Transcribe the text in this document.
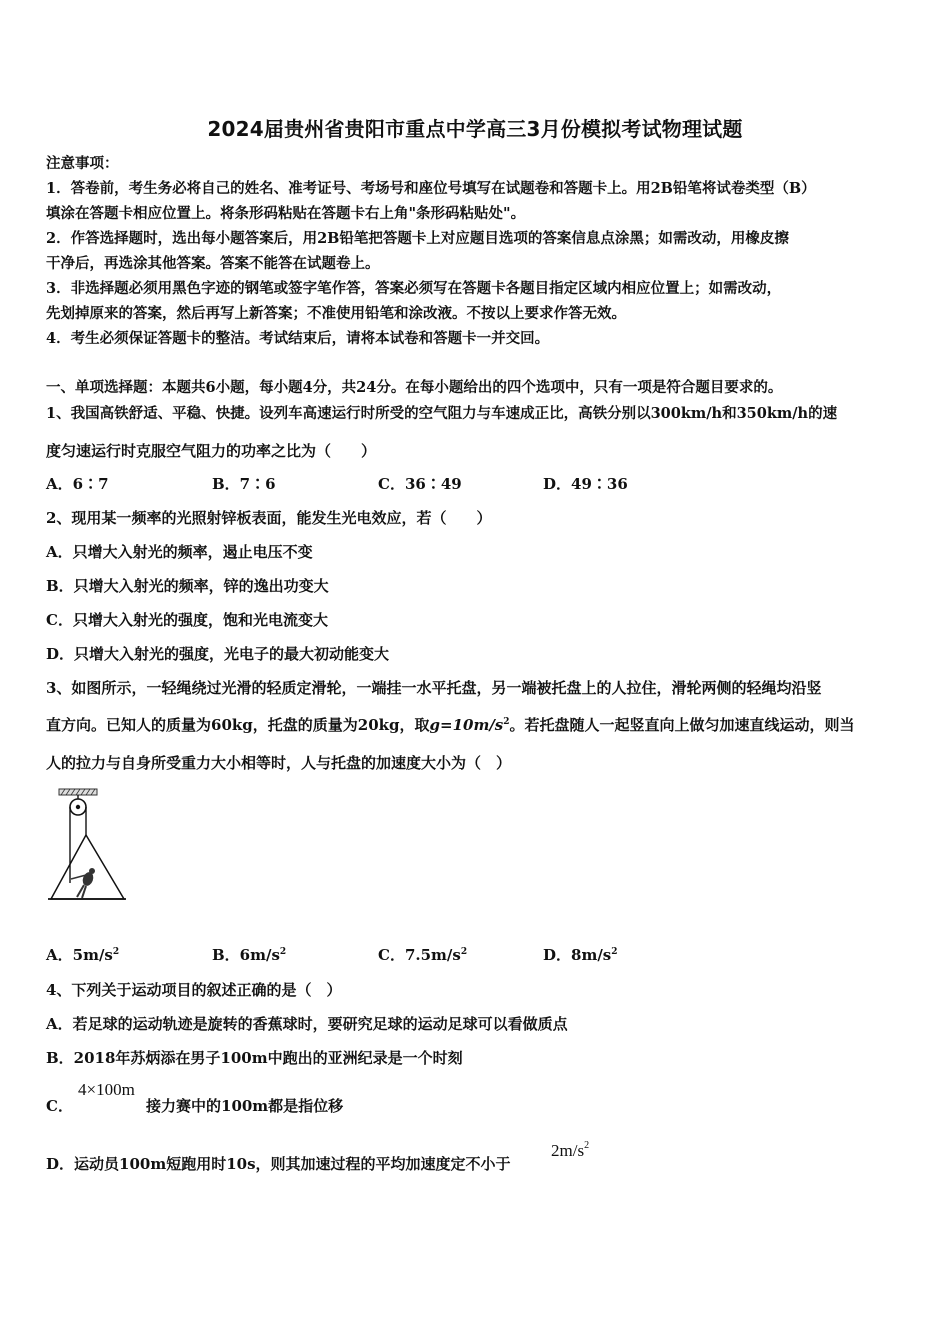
2024届贵州省贵阳市重点中学高三3月份模拟考试物理试题
注意事项：
1．答卷前，考生务必将自己的姓名、准考证号、考场号和座位号填写在试题卷和答题卡上。用2B铅笔将试卷类型（B）
填涂在答题卡相应位置上。将条形码粘贴在答题卡右上角"条形码粘贴处"。
2．作答选择题时，选出每小题答案后，用2B铅笔把答题卡上对应题目选项的答案信息点涂黑；如需改动，用橡皮擦
干净后，再选涂其他答案。答案不能答在试题卷上。
3．非选择题必须用黑色字迹的钢笔或签字笔作答，答案必须写在答题卡各题目指定区域内相应位置上；如需改动，
先划掉原来的答案，然后再写上新答案；不准使用铅笔和涂改液。不按以上要求作答无效。
4．考生必须保证答题卡的整洁。考试结束后，请将本试卷和答题卡一并交回。
一、单项选择题：本题共6小题，每小题4分，共24分。在每小题给出的四个选项中，只有一项是符合题目要求的。
1、我国高铁舒适、平稳、快捷。设列车高速运行时所受的空气阻力与车速成正比，高铁分别以300km/h和350km/h的速
度匀速运行时克服空气阻力的功率之比为（　　）
A．6∶7	B．7∶6	C．36∶49	D．49∶36
2、现用某一频率的光照射锌板表面，能发生光电效应，若（　　）
A．只增大入射光的频率，遏止电压不变
B．只增大入射光的频率，锌的逸出功变大
C．只增大入射光的强度，饱和光电流变大
D．只增大入射光的强度，光电子的最大初动能变大
3、如图所示，一轻绳绕过光滑的轻质定滑轮，一端挂一水平托盘，另一端被托盘上的人拉住，滑轮两侧的轻绳均沿竖
直方向。已知人的质量为60kg，托盘的质量为20kg，取$g=10m/s^2$。若托盘随人一起竖直向上做匀加速直线运动，则当
人的拉力与自身所受重力大小相等时，人与托盘的加速度大小为（　）
A．$5m/s^2$	B．$6m/s^2$	C．$7.5m/s^2$	D．$8m/s^2$
4、下列关于运动项目的叙述正确的是（　）
A．若足球的运动轨迹是旋转的香蕉球时，要研究足球的运动足球可以看做质点
B．2018年苏炳添在男子100m中跑出的亚洲纪录是一个时刻
C．
4×100m
接力赛中的100m都是指位移
D．运动员100m短跑用时10s，则其加速过程的平均加速度定不小于
$2m/s^2$
